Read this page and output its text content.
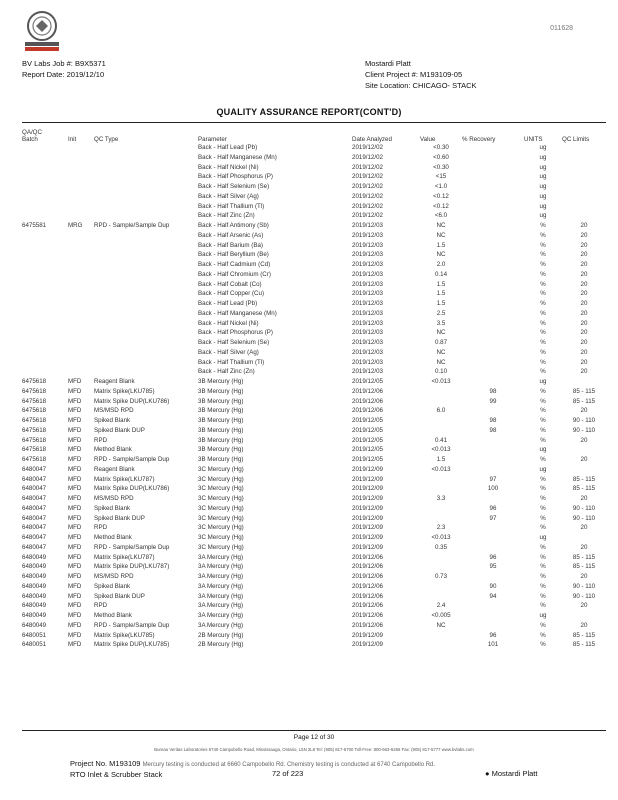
011628
BV Labs Job #: B9X5371
Report Date: 2019/12/10
Mostardi Platt
Client Project #: M193109-05
Site Location: CHICAGO- STACK
QUALITY ASSURANCE REPORT(CONT'D)
QA/QC
Batch	Init	QC Type	Parameter	Date Analyzed	Value	% Recovery	UNITS	QC Limits
			Back - Half Lead (Pb)	2019/12/02	<0.30		ug	
			Back - Half Manganese (Mn)	2019/12/02	<0.60		ug	
			Back - Half Nickel (Ni)	2019/12/02	<0.30		ug	
			Back - Half Phosphorus (P)	2019/12/02	<15		ug	
			Back - Half Selenium (Se)	2019/12/02	<1.0		ug	
			Back - Half Silver (Ag)	2019/12/02	<0.12		ug	
			Back - Half Thallium (Tl)	2019/12/02	<0.12		ug	
			Back - Half Zinc (Zn)	2019/12/02	<6.0		ug	
6475581	MRG	RPD - Sample/Sample Dup	Back - Half Antimony (Sb)	2019/12/03	NC		%	20
			Back - Half Arsenic (As)	2019/12/03	NC		%	20
			Back - Half Barium (Ba)	2019/12/03	1.5		%	20
			Back - Half Beryllium (Be)	2019/12/03	NC		%	20
			Back - Half Cadmium (Cd)	2019/12/03	2.0		%	20
			Back - Half Chromium (Cr)	2019/12/03	0.14		%	20
			Back - Half Cobalt (Co)	2019/12/03	1.5		%	20
			Back - Half Copper (Cu)	2019/12/03	1.5		%	20
			Back - Half Lead (Pb)	2019/12/03	1.5		%	20
			Back - Half Manganese (Mn)	2019/12/03	2.5		%	20
			Back - Half Nickel (Ni)	2019/12/03	3.5		%	20
			Back - Half Phosphorus (P)	2019/12/03	NC		%	20
			Back - Half Selenium (Se)	2019/12/03	0.87		%	20
			Back - Half Silver (Ag)	2019/12/03	NC		%	20
			Back - Half Thallium (Tl)	2019/12/03	NC		%	20
			Back - Half Zinc (Zn)	2019/12/03	0.10		%	20
6475618	MFD	Reagent Blank	3B Mercury (Hg)	2019/12/05	<0.013		ug	
6475618	MFD	Matrix Spike(LKU785)	3B Mercury (Hg)	2019/12/06		98	%	85 - 115
6475618	MFD	Matrix Spike DUP(LKU786)	3B Mercury (Hg)	2019/12/06		99	%	85 - 115
6475618	MFD	MS/MSD RPD	3B Mercury (Hg)	2019/12/06	6.0		%	20
6475618	MFD	Spiked Blank	3B Mercury (Hg)	2019/12/05		98	%	90 - 110
6475618	MFD	Spiked Blank DUP	3B Mercury (Hg)	2019/12/05		98	%	90 - 110
6475618	MFD	RPD	3B Mercury (Hg)	2019/12/05	0.41		%	20
6475618	MFD	Method Blank	3B Mercury (Hg)	2019/12/05	<0.013		ug	
6475618	MFD	RPD - Sample/Sample Dup	3B Mercury (Hg)	2019/12/05	1.5		%	20
6480047	MFD	Reagent Blank	3C Mercury (Hg)	2019/12/09	<0.013		ug	
6480047	MFD	Matrix Spike(LKU787)	3C Mercury (Hg)	2019/12/09		97	%	85 - 115
6480047	MFD	Matrix Spike DUP(LKU786)	3C Mercury (Hg)	2019/12/09		100	%	85 - 115
6480047	MFD	MS/MSD RPD	3C Mercury (Hg)	2019/12/09	3.3		%	20
6480047	MFD	Spiked Blank	3C Mercury (Hg)	2019/12/09		96	%	90 - 110
6480047	MFD	Spiked Blank DUP	3C Mercury (Hg)	2019/12/09		97	%	90 - 110
6480047	MFD	RPD	3C Mercury (Hg)	2019/12/09	2.3		%	20
6480047	MFD	Method Blank	3C Mercury (Hg)	2019/12/09	<0.013		ug	
6480047	MFD	RPD - Sample/Sample Dup	3C Mercury (Hg)	2019/12/09	0.35		%	20
6480049	MFD	Matrix Spike(LKU787)	3A Mercury (Hg)	2019/12/06		96	%	85 - 115
6480049	MFD	Matrix Spike DUP(LKU787)	3A Mercury (Hg)	2019/12/06		95	%	85 - 115
6480049	MFD	MS/MSD RPD	3A Mercury (Hg)	2019/12/06	0.73		%	20
6480049	MFD	Spiked Blank	3A Mercury (Hg)	2019/12/06		90	%	90 - 110
6480049	MFD	Spiked Blank DUP	3A Mercury (Hg)	2019/12/06		94	%	90 - 110
6480049	MFD	RPD	3A Mercury (Hg)	2019/12/06	2.4		%	20
6480049	MFD	Method Blank	3A Mercury (Hg)	2019/12/06	<0.005		ug	
6480049	MFD	RPD - Sample/Sample Dup	3A Mercury (Hg)	2019/12/06	NC		%	20
6480051	MFD	Matrix Spike(LKU785)	2B Mercury (Hg)	2019/12/09		96	%	85 - 115
6480051	MFD	Matrix Spike DUP(LKU785)	2B Mercury (Hg)	2019/12/09		101	%	85 - 115
Page 12 of 30
Bureau Veritas Laboratories 6740 Campobello Road, Mississauga, Ontario, L5N 2L8 Tel: (905) 817-5700 Toll-Free: 800-563-6266 Fax: (905) 817-5777 www.bvlabs.com
Project No. M193109 Mercury testing is conducted at 6660 Campobello Rd. Chemistry testing is conducted at 6740 Campobello Rd.
RTO Inlet & Scrubber Stack	72 of 223	● Mostardi Platt
